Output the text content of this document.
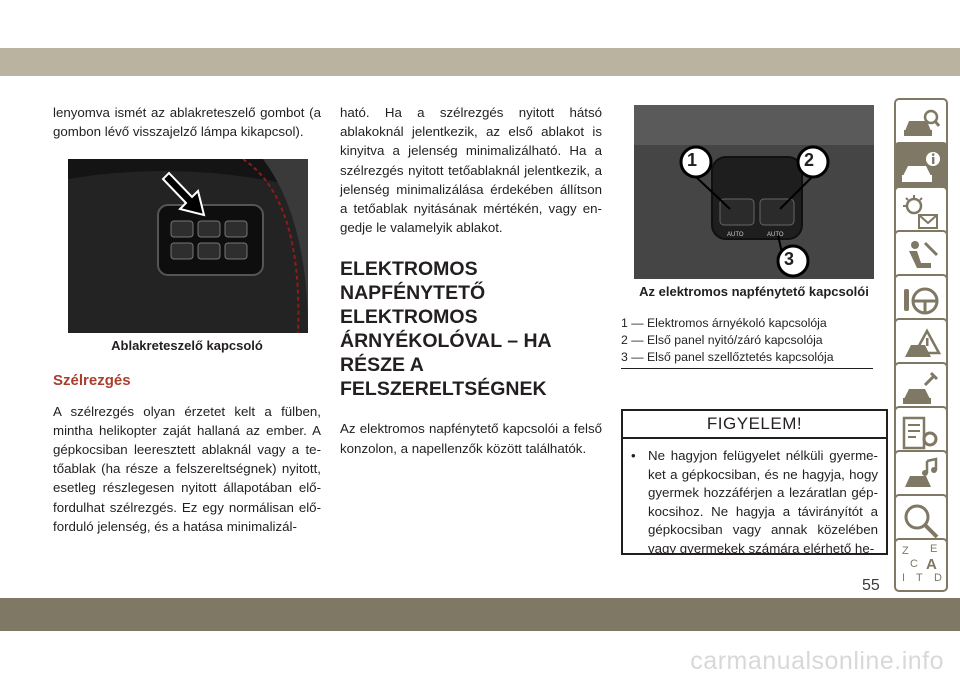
lenyomva ismét az ablakreteszelő gombot (a gombon lévő visszajelző lámpa kikapcsol).

Ablakreteszelő kapcsoló

Szélrezgés

A szélrezgés olyan érzetet kelt a fülben, mintha helikopter zaját hallaná az ember. A gépkocsiban leeresztett ablaknál vagy a te-tőablak (ha része a felszereltségnek) nyitott, esetleg részlegesen nyitott állapotában elő-fordulhat szélrezgés. Ez egy normálisan elő-forduló jelenség, és a hatása minimalizál-

ható. Ha a szélrezgés nyitott hátsó ablakoknál jelentkezik, az első ablakot is kinyitva a jelenség minimalizálható. Ha a szélrezgés nyitott tetőablaknál jelentkezik, a jelenség minimalizálása érdekében állítson a tetőablak nyitásának mértékén, vagy en-gedje le valamelyik ablakot.

ELEKTROMOS
NAPFÉNYTETŐ
ELEKTROMOS
ÁRNYÉKOLÓVAL – HA
RÉSZE A
FELSZERELTSÉGNEK

Az elektromos napfénytető kapcsolói a felső konzolon, a napellenzők között találhatók.

1	2
3
AUTO	AUTO

Az elektromos napfénytető kapcsolói

1 — Elektromos árnyékoló kapcsolója
2 — Első panel nyitó/záró kapcsolója
3 — Első panel szellőztetés kapcsolója
FIGYELEM!
• Ne hagyjon felügyelet nélküli gyerme-ket a gépkocsiban, és ne hagyja, hogy gyermek hozzáférjen a lezáratlan gép-kocsihoz. Ne hagyja a távirányítót a gépkocsiban vagy annak közelében vagy gyermekek számára elérhető he-	Z E
A
C
I T D
55
carmanualsonline.info
